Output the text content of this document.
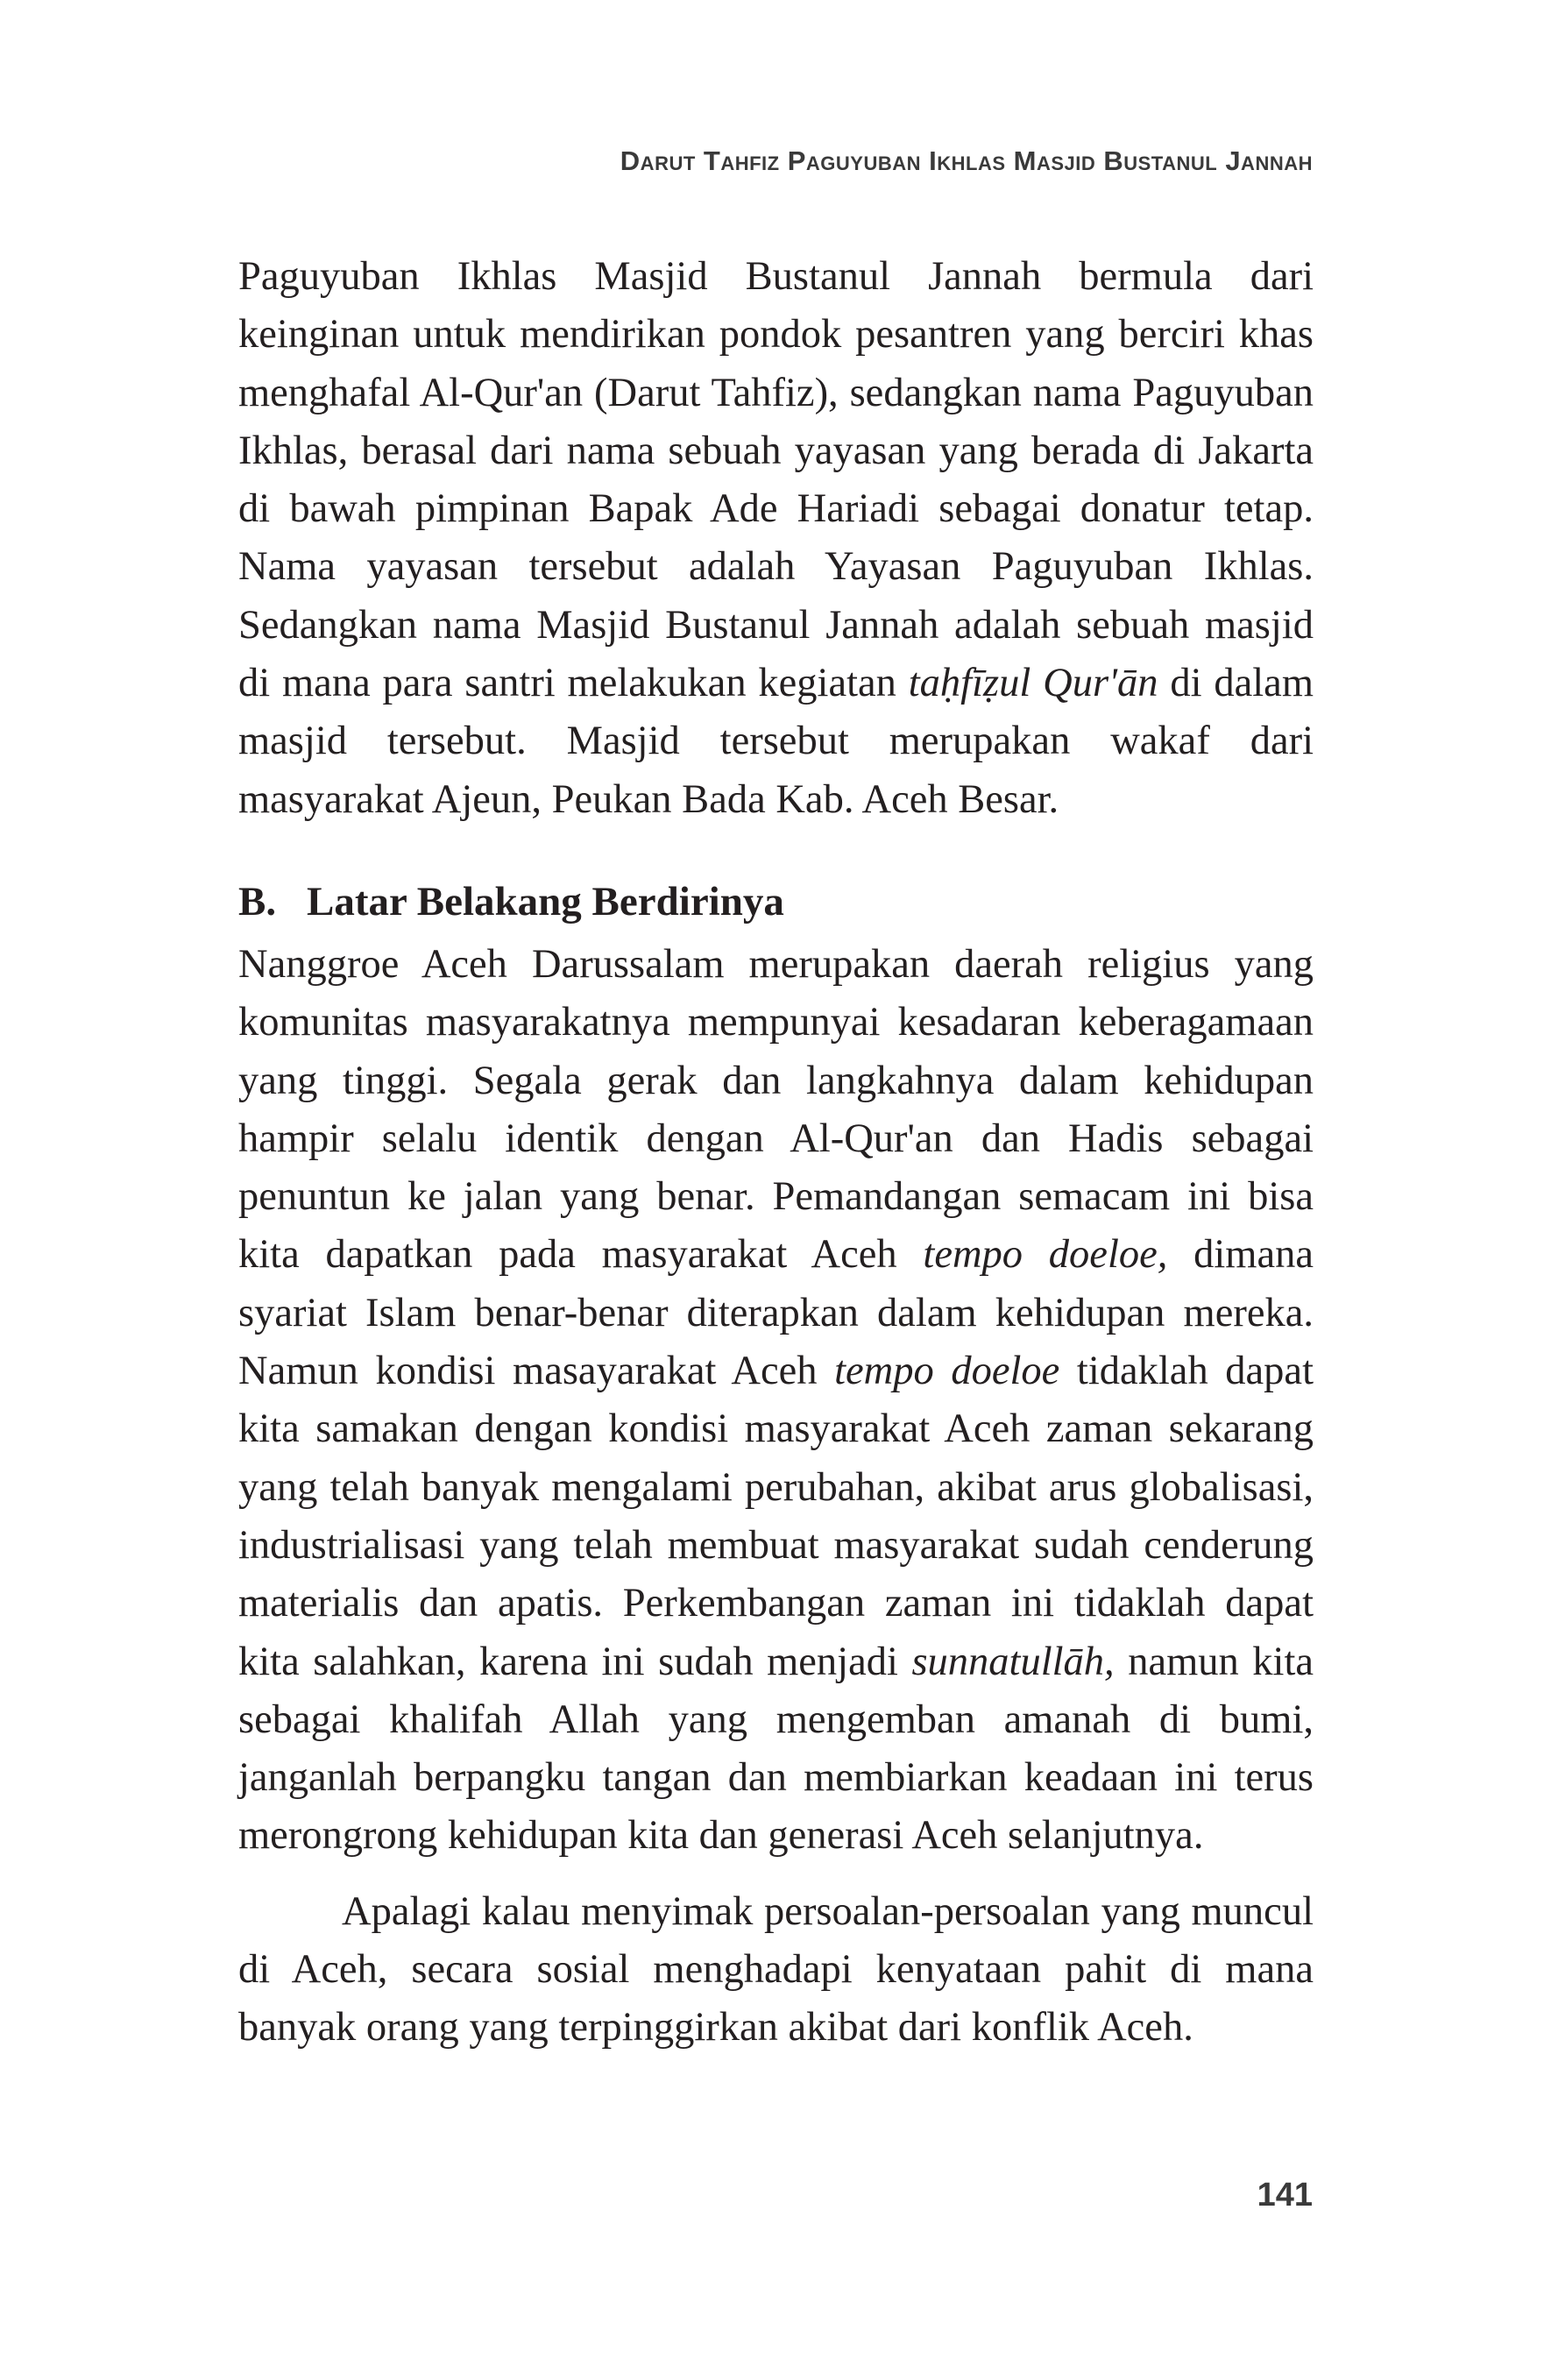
Darut Tahfiz Paguyuban Ikhlas Masjid Bustanul Jannah

Paguyuban Ikhlas Masjid Bustanul Jannah bermula dari keinginan untuk mendirikan pondok pesantren yang berciri khas menghafal Al-Qur'an (Darut Tahfiz), sedangkan nama Paguyuban Ikhlas, berasal dari nama sebuah yayasan yang berada di Jakarta di bawah pimpinan Bapak Ade Hariadi sebagai donatur tetap. Nama yayasan tersebut adalah Yayasan Paguyuban Ikhlas. Sedangkan nama Masjid Bustanul Jannah adalah sebuah masjid di mana para santri melakukan kegiatan taḥfīẓul Qur'ān di dalam masjid tersebut. Masjid tersebut merupakan wakaf dari masyarakat Ajeun, Peukan Bada Kab. Aceh Besar.

B. Latar Belakang Berdirinya

Nanggroe Aceh Darussalam merupakan daerah religius yang komunitas masyarakatnya mempunyai kesadaran keberagamaan yang tinggi. Segala gerak dan langkahnya dalam kehidupan hampir selalu identik dengan Al-Qur'an dan Hadis sebagai penuntun ke jalan yang benar. Pemandangan semacam ini bisa kita dapatkan pada masyarakat Aceh tempo doeloe, dimana syariat Islam benar-benar diterapkan dalam kehidupan mereka. Namun kondisi masayarakat Aceh tempo doeloe tidaklah dapat kita samakan dengan kondisi masyarakat Aceh zaman sekarang yang telah banyak mengalami perubahan, akibat arus globalisasi, industrialisasi yang telah membuat masyarakat sudah cenderung materialis dan apatis. Perkembangan zaman ini tidaklah dapat kita salahkan, karena ini sudah menjadi sunnatullāh, namun kita sebagai khalifah Allah yang mengemban amanah di bumi, janganlah berpangku tangan dan membiarkan keadaan ini terus merongrong kehidupan kita dan generasi Aceh selanjutnya.

Apalagi kalau menyimak persoalan-persoalan yang muncul di Aceh, secara sosial menghadapi kenyataan pahit di mana banyak orang yang terpinggirkan akibat dari konflik Aceh.

141
